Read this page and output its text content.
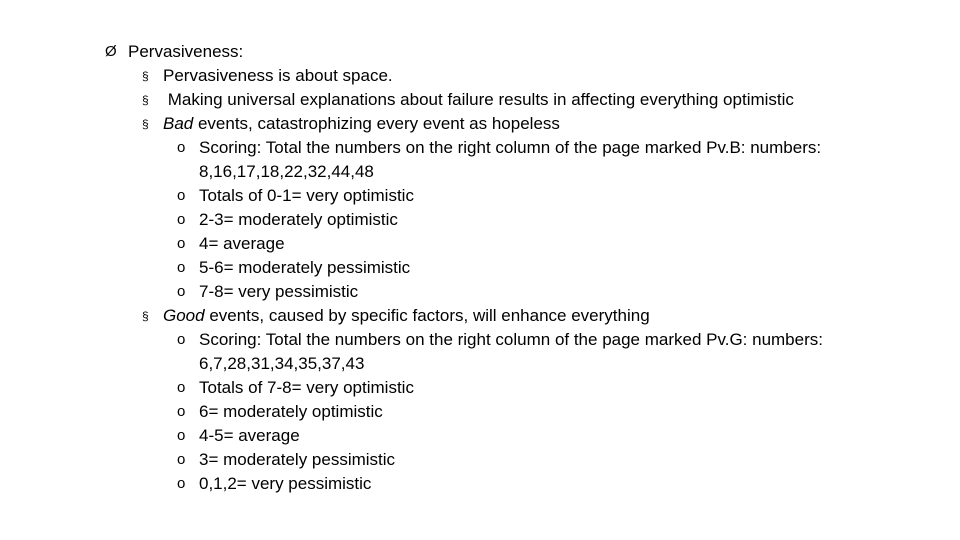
Ø Pervasiveness:
§ Pervasiveness is about space.
§ Making universal explanations about failure results in affecting everything optimistic
§ Bad events, catastrophizing every event as hopeless
o Scoring: Total the numbers on the right column of the page marked Pv.B: numbers:
8,16,17,18,22,32,44,48
o Totals of 0-1= very optimistic
o 2-3= moderately optimistic
o 4= average
o 5-6= moderately pessimistic
o 7-8= very pessimistic
§ Good events, caused by specific factors, will enhance everything
o Scoring: Total the numbers on the right column of the page marked Pv.G: numbers:
6,7,28,31,34,35,37,43
o Totals of 7-8= very optimistic
o 6= moderately optimistic
o 4-5= average
o 3= moderately pessimistic
o 0,1,2= very pessimistic
